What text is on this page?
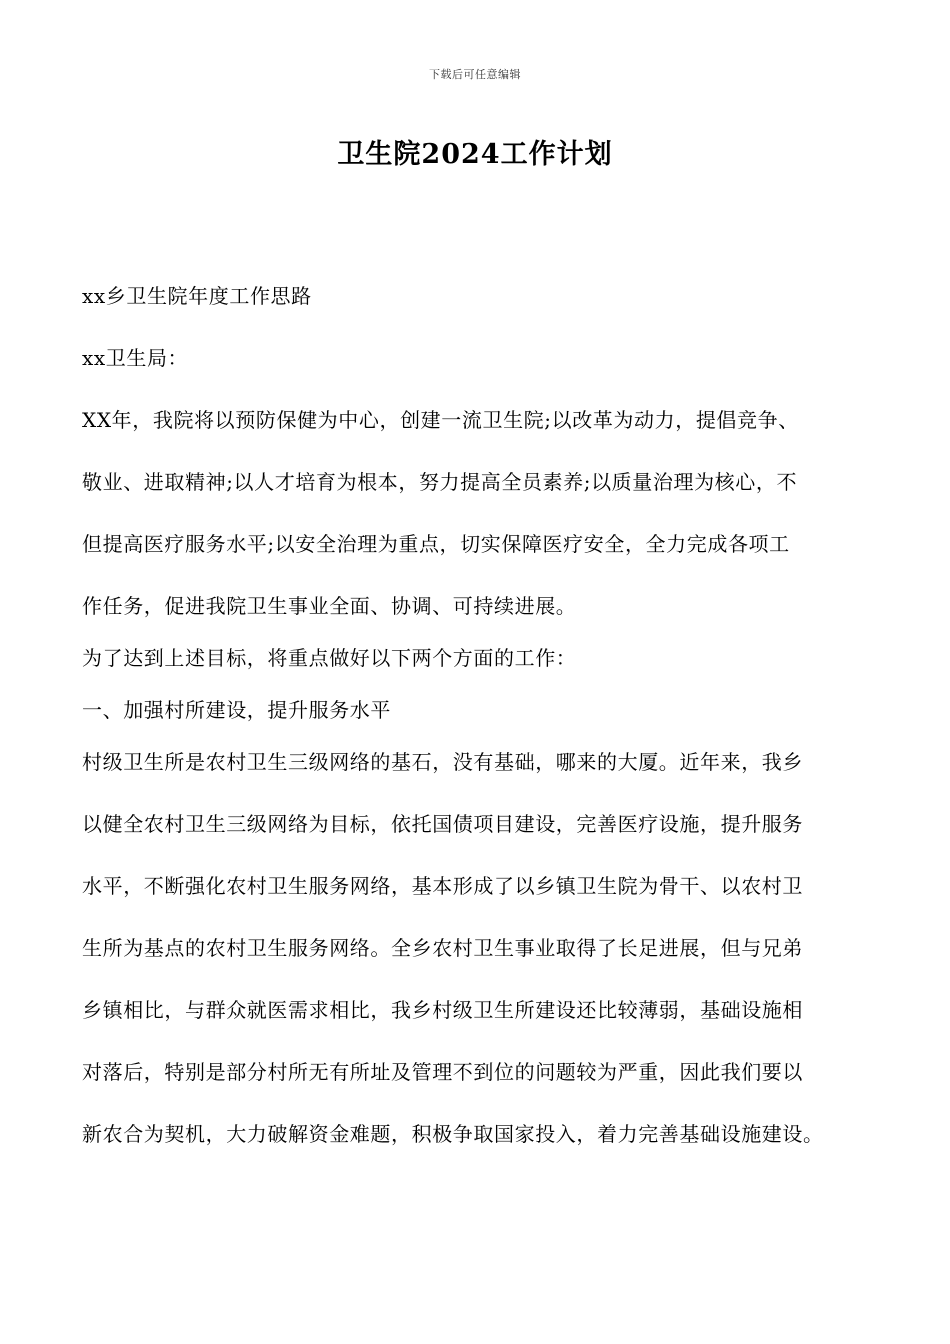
下载后可任意编辑
卫生院2024工作计划
xx乡卫生院年度工作思路
xx卫生局：
XX年，我院将以预防保健为中心，创建一流卫生院;以改革为动力，提倡竞争、
敬业、进取精神;以人才培育为根本，努力提高全员素养;以质量治理为核心，不
但提高医疗服务水平;以安全治理为重点，切实保障医疗安全，全力完成各项工
作任务，促进我院卫生事业全面、协调、可持续进展。
为了达到上述目标，将重点做好以下两个方面的工作：
一、加强村所建设，提升服务水平
村级卫生所是农村卫生三级网络的基石，没有基础，哪来的大厦。近年来，我乡
以健全农村卫生三级网络为目标，依托国债项目建设，完善医疗设施，提升服务
水平，不断强化农村卫生服务网络，基本形成了以乡镇卫生院为骨干、以农村卫
生所为基点的农村卫生服务网络。全乡农村卫生事业取得了长足进展，但与兄弟
乡镇相比，与群众就医需求相比，我乡村级卫生所建设还比较薄弱，基础设施相
对落后，特别是部分村所无有所址及管理不到位的问题较为严重，因此我们要以
新农合为契机，大力破解资金难题，积极争取国家投入，着力完善基础设施建设。
